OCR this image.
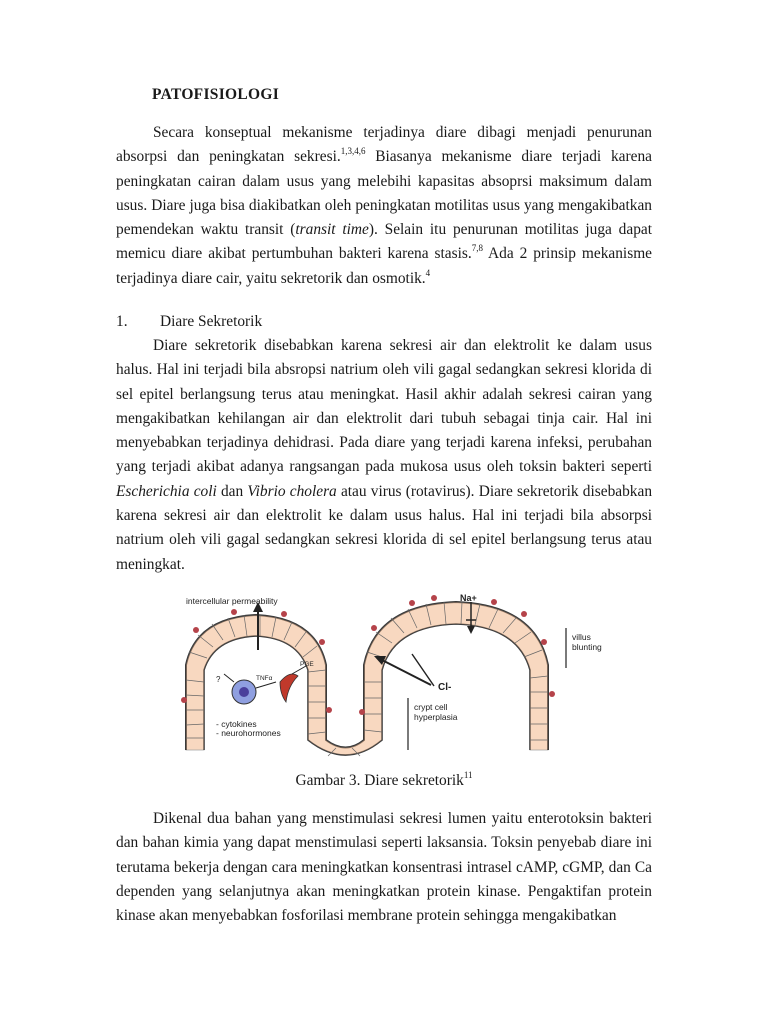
PATOFISIOLOGI

Secara konseptual mekanisme terjadinya diare dibagi menjadi penurunan absorpsi dan peningkatan sekresi.$^{1,3,4,6}$ Biasanya mekanisme diare terjadi karena peningkatan cairan dalam usus yang melebihi kapasitas absoprsi maksimum dalam usus. Diare juga bisa diakibatkan oleh peningkatan motilitas usus yang mengakibatkan pemendekan waktu transit (transit time). Selain itu penurunan motilitas juga dapat memicu diare akibat pertumbuhan bakteri karena stasis.$^{7,8}$ Ada 2 prinsip mekanisme terjadinya diare cair, yaitu sekretorik dan osmotik.$^4$

1. Diare Sekretorik

Diare sekretorik disebabkan karena sekresi air dan elektrolit ke dalam usus halus. Hal ini terjadi bila absropsi natrium oleh vili gagal sedangkan sekresi klorida di sel epitel berlangsung terus atau meningkat. Hasil akhir adalah sekresi cairan yang mengakibatkan kehilangan air dan elektrolit dari tubuh sebagai tinja cair. Hal ini menyebabkan terjadinya dehidrasi. Pada diare yang terjadi karena infeksi, perubahan yang terjadi akibat adanya rangsangan pada mukosa usus oleh toksin bakteri seperti Escherichia coli dan Vibrio cholera atau virus (rotavirus). Diare sekretorik disebabkan karena sekresi air dan elektrolit ke dalam usus halus. Hal ini terjadi bila absorpsi natrium oleh vili gagal sedangkan sekresi klorida di sel epitel berlangsung terus atau meningkat.

intercellular permeability	Na+
villus
blunting
Cl-
crypt cell
hyperplasia
TNFα
PGE
?
- cytokines
- neurohormones
Gambar 3. Diare sekretorik$^{11}$

Dikenal dua bahan yang menstimulasi sekresi lumen yaitu enterotoksin bakteri dan bahan kimia yang dapat menstimulasi seperti laksansia. Toksin penyebab diare ini terutama bekerja dengan cara meningkatkan konsentrasi intrasel cAMP, cGMP, dan Ca dependen yang selanjutnya akan meningkatkan protein kinase. Pengaktifan protein kinase akan menyebabkan fosforilasi membrane protein sehingga mengakibatkan
